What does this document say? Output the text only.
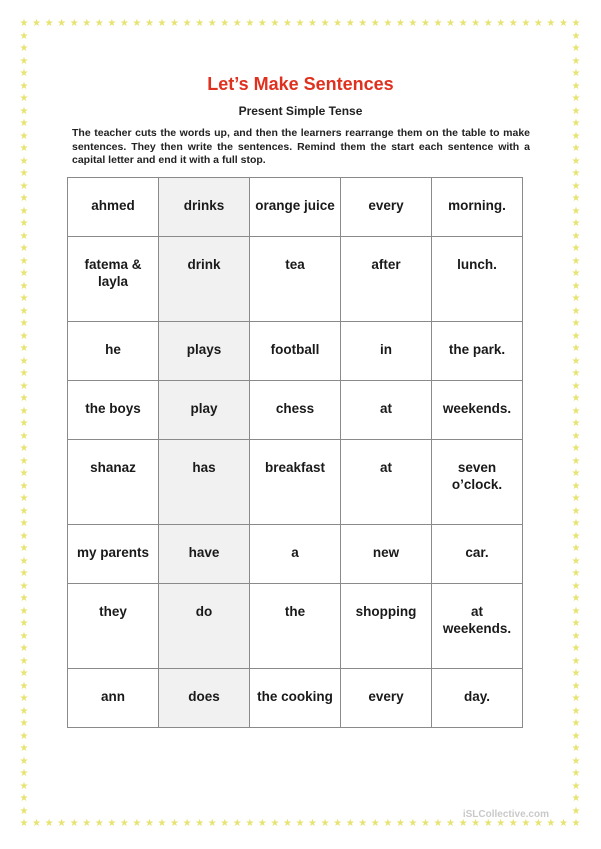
★
★
★
★
★
★
★
★
★
★
★
★
★
★
★
★
★
★
★
★
★
★
★
★
★
★
★
★
★
★
★
★
★
★
★
★
★
★
★
★
★
★
★
★
★
★
★
★
★
★
★
★
★
★
★
★
★
★
★
★
★
★
★
★
★
★
★
★
★
★
★
★
★
★
★
★
★
★
★
★
★
★
★
★
★
★
★
★
★
★
★	★
★	★
★	★
★	★
★	★
★	★
★	★
★	★
★	★
★	★
★	★
★	★
★	★
★	★
★	★
★	★
★	★
★	★
★	★
★	★
★	★
★	★
★	★
★	★
★	★
★	★
★	★
★	★
★	★
★	★
★	★
★	★
★	★
★	★
★	★
★	★
★	★
★	★
★	★
★	★
★	★
★	★
★	★
★	★
★	★
★	★
★	★
★	★
★	★
★	★
★	★
★	★
★	★
★	★
★	★
★	★
★	★
★	★
★	★
★	★
★	★
★	★
★	★
Let’s Make Sentences
Present Simple Tense
The teacher cuts the words up, and then the learners rearrange them on the table to make sentences. They then write the sentences. Remind them the start each sentence with a capital letter and end it with a full stop.
ahmed	drinks	orange juice	every	morning.
fatema & layla	drink	tea	after	lunch.
he	plays	football	in	the park.
the boys	play	chess	at	weekends.
shanaz	has	breakfast	at	seven o’clock.
my parents	have	a	new	car.
they	do	the	shopping	at weekends.
ann	does	the cooking	every	day.
iSLCollective.com
